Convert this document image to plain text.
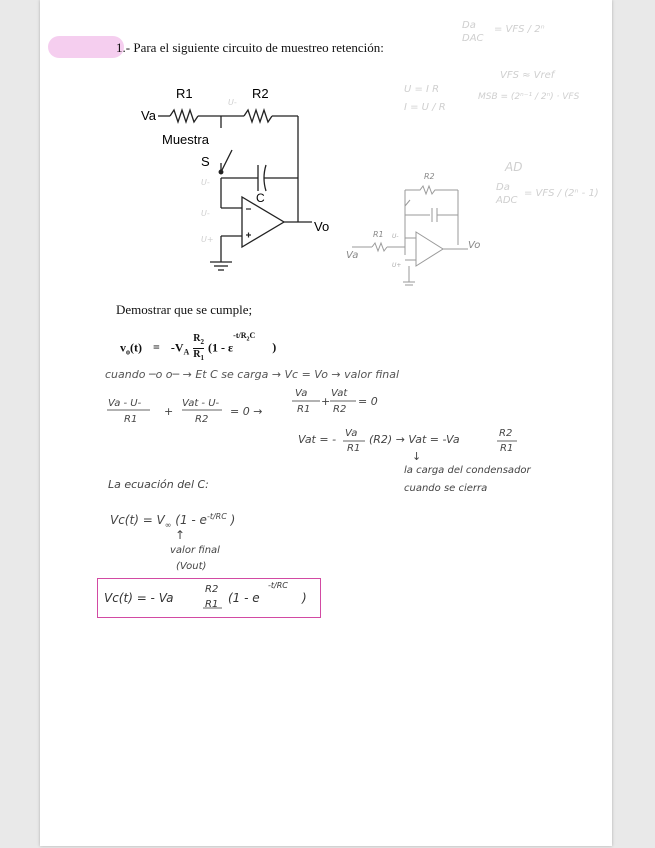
1.- Para el siguiente circuito de muestreo retención:
R1	R2
Va
Muestra
S
C
Vo
U-
U-
U-
U+
Demostrar que se cumple;
$v_o(t) = -V_A \frac{R_2}{R_1} (1 - \varepsilon^{-t/R_2C}$ )
cuando ─o o─ → Et C se carga → Vc = Vo → valor final
Va - U-
R1
+
Vat - U-
R2
= 0 →
Va
R1
+
Vat
R2
= 0
Vat = - Va
R1
(R2) → Vat = -Va	R2
R1
↓
la carga del condensador
cuando se cierra
La ecuación del C:
$Vc(t) = V_\infty$ ($1 - e^{-t/RC}$ )
↑
valor final
(Vout)
Vc(t) = - Va
R2
R1 (1 - e
-t/RC
)
U = I R
I = U / R
Da
DAC
= VFS / 2ⁿ
VFS ≈ Vref
MSB = (2ⁿ⁻¹ / 2ⁿ) · VFS
AD
Da
ADC
= VFS / (2ⁿ - 1)
R2
R1
Va
Vo
U-
U+
